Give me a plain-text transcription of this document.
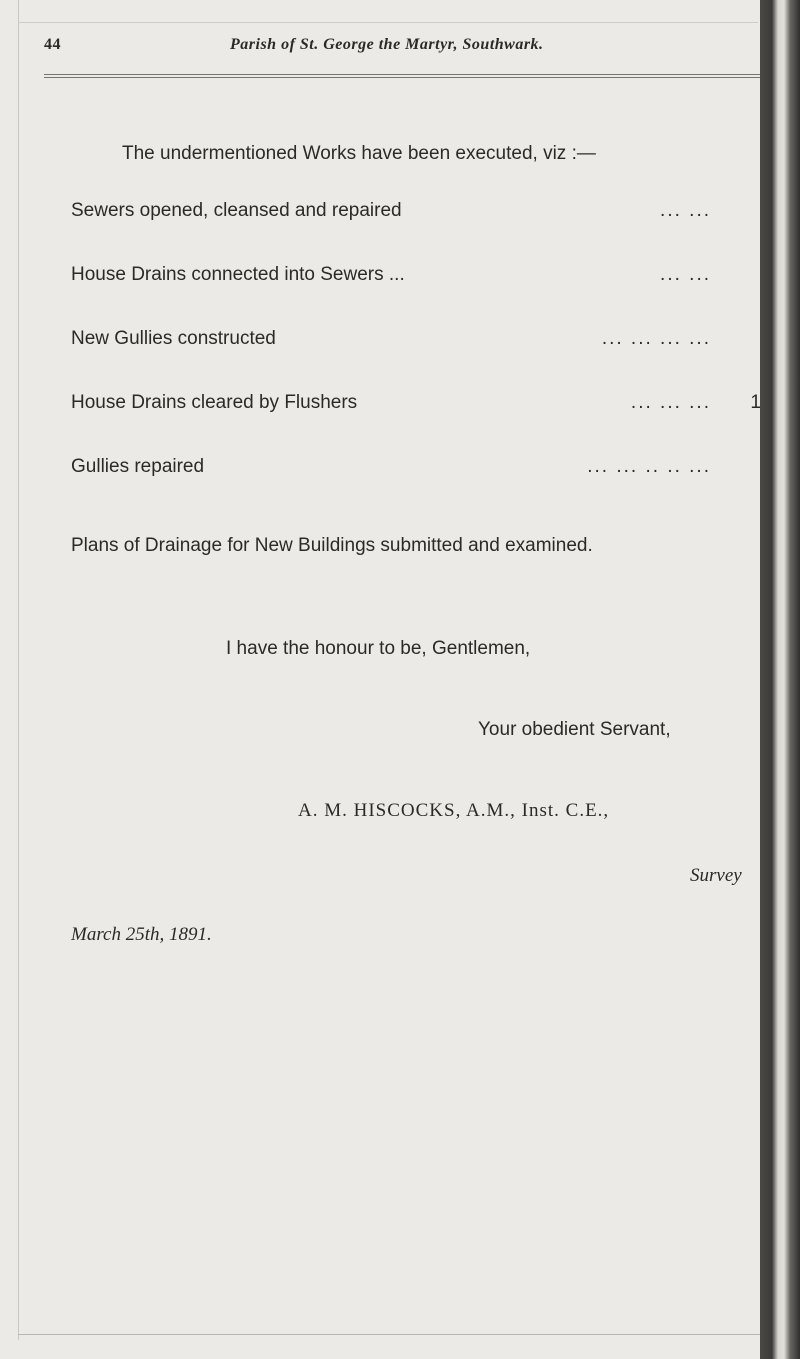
44	Parish of St. George the Martyr, Southwark.
The undermentioned Works have been executed, viz :—
Sewers opened, cleansed and repaired	... ...
House Drains connected into Sewers ...	... ...
New Gullies constructed	... ... ... ...
House Drains cleared by Flushers	... ... ...	1
Gullies repaired	... ... .. .. ...
Plans of Drainage for New Buildings submitted and examined.
I have the honour to be, Gentlemen,
Your obedient Servant,
A. M. HISCOCKS, A.M., Inst. C.E.,
Survey
March 25th, 1891.
